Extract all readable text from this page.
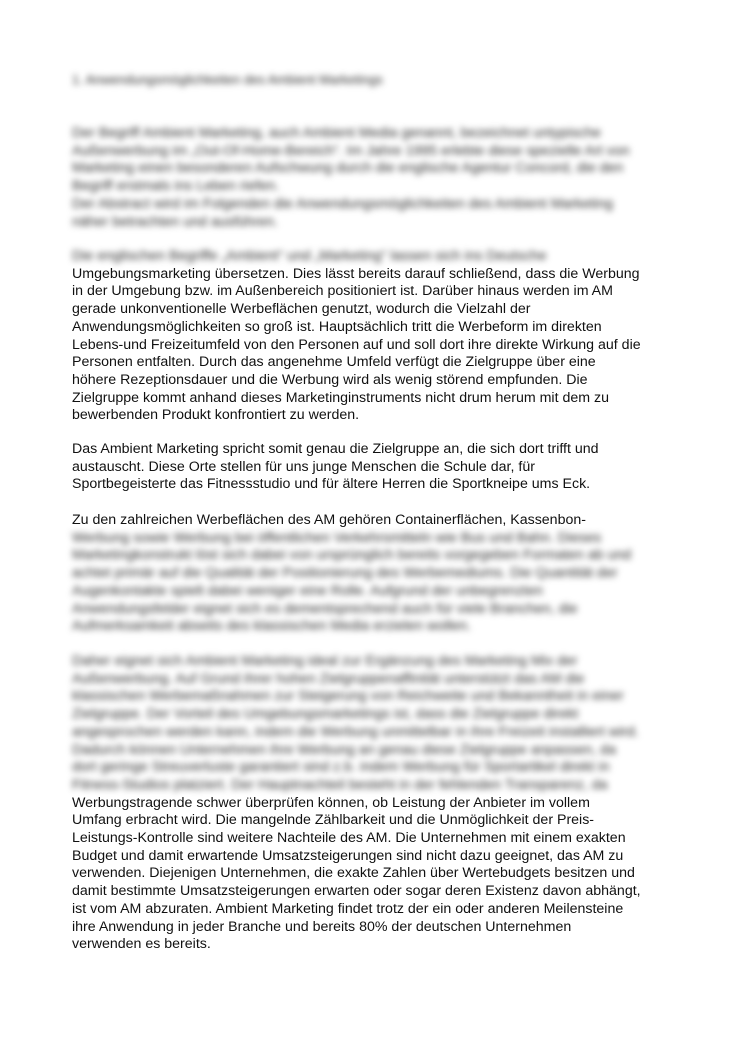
1. Anwendungsmöglichkeiten des Ambient Marketings
Der Begriff Ambient Marketing, auch Ambient Media genannt, bezeichnet untypische
Außenwerbung im „Out-Of-Home-Bereich“. Im Jahre 1995 erlebte diese spezielle Art von
Marketing einen besonderen Aufschwung durch die englische Agentur Concord, die den
Begriff erstmals ins Leben riefen.
Der Abstract wird im Folgenden die Anwendungsmöglichkeiten des Ambient Marketing
näher betrachten und ausführen.
Die englischen Begriffe „Ambient“ und „Marketing“ lassen sich ins Deutsche
Umgebungsmarketing übersetzen. Dies lässt bereits darauf schließend, dass die Werbung
in der Umgebung bzw. im Außenbereich positioniert ist. Darüber hinaus werden im AM
gerade unkonventionelle Werbeflächen genutzt, wodurch die Vielzahl der
Anwendungsmöglichkeiten so groß ist. Hauptsächlich tritt die Werbeform im direkten
Lebens-und Freizeitumfeld von den Personen auf und soll dort ihre direkte Wirkung auf die
Personen entfalten. Durch das angenehme Umfeld verfügt die Zielgruppe über eine
höhere Rezeptionsdauer und die Werbung wird als wenig störend empfunden. Die
Zielgruppe kommt anhand dieses Marketinginstruments nicht drum herum mit dem zu
bewerbenden Produkt konfrontiert zu werden.
Das Ambient Marketing spricht somit genau die Zielgruppe an, die sich dort trifft und
austauscht. Diese Orte stellen für uns junge Menschen die Schule dar, für
Sportbegeisterte das Fitnessstudio und für ältere Herren die Sportkneipe ums Eck.
Zu den zahlreichen Werbeflächen des AM gehören Containerflächen, Kassenbon-
Werbung sowie Werbung bei öffentlichen Verkehrsmitteln wie Bus und Bahn. Dieses
Marketingkonstrukt löst sich dabei von ursprünglich bereits vorgegeben Formaten ab und
achtet primär auf die Qualität der Positionierung des Werbemediums. Die Quantität der
Augenkontakte spielt dabei weniger eine Rolle. Aufgrund der unbegrenzten
Anwendungsfelder eignet sich es dementsprechend auch für viele Branchen, die
Aufmerksamkeit abseits des klassischen Media erzielen wollen.
Daher eignet sich Ambient Marketing ideal zur Ergänzung des Marketing Mix der
Außenwerbung. Auf Grund ihrer hohen Zielgruppenaffinität unterstützt das AM die
klassischen Werbemaßnahmen zur Steigerung von Reichweite und Bekanntheit in einer
Zielgruppe. Der Vorteil des Umgebungsmarketings ist, dass die Zielgruppe direkt
angesprochen werden kann, indem die Werbung unmittelbar in ihre Freizeit installiert wird.
Dadurch können Unternehmen ihre Werbung an genau diese Zielgruppe anpassen, da
dort geringe Streuverluste garantiert sind z.b. indem Werbung für Sportartikel direkt in
Fitness-Studios platziert. Der Hauptnachteil besteht in der fehlenden Transparenz, da
Werbungstragende schwer überprüfen können, ob Leistung der Anbieter im vollem
Umfang erbracht wird. Die mangelnde Zählbarkeit und die Unmöglichkeit der Preis-
Leistungs-Kontrolle sind weitere Nachteile des AM. Die Unternehmen mit einem exakten
Budget und damit erwartende Umsatzsteigerungen sind nicht dazu geeignet, das AM zu
verwenden. Diejenigen Unternehmen, die exakte Zahlen über Wertebudgets besitzen und
damit bestimmte Umsatzsteigerungen erwarten oder sogar deren Existenz davon abhängt,
ist vom AM abzuraten. Ambient Marketing findet trotz der ein oder anderen Meilensteine
ihre Anwendung in jeder Branche und bereits 80% der deutschen Unternehmen
verwenden es bereits.
